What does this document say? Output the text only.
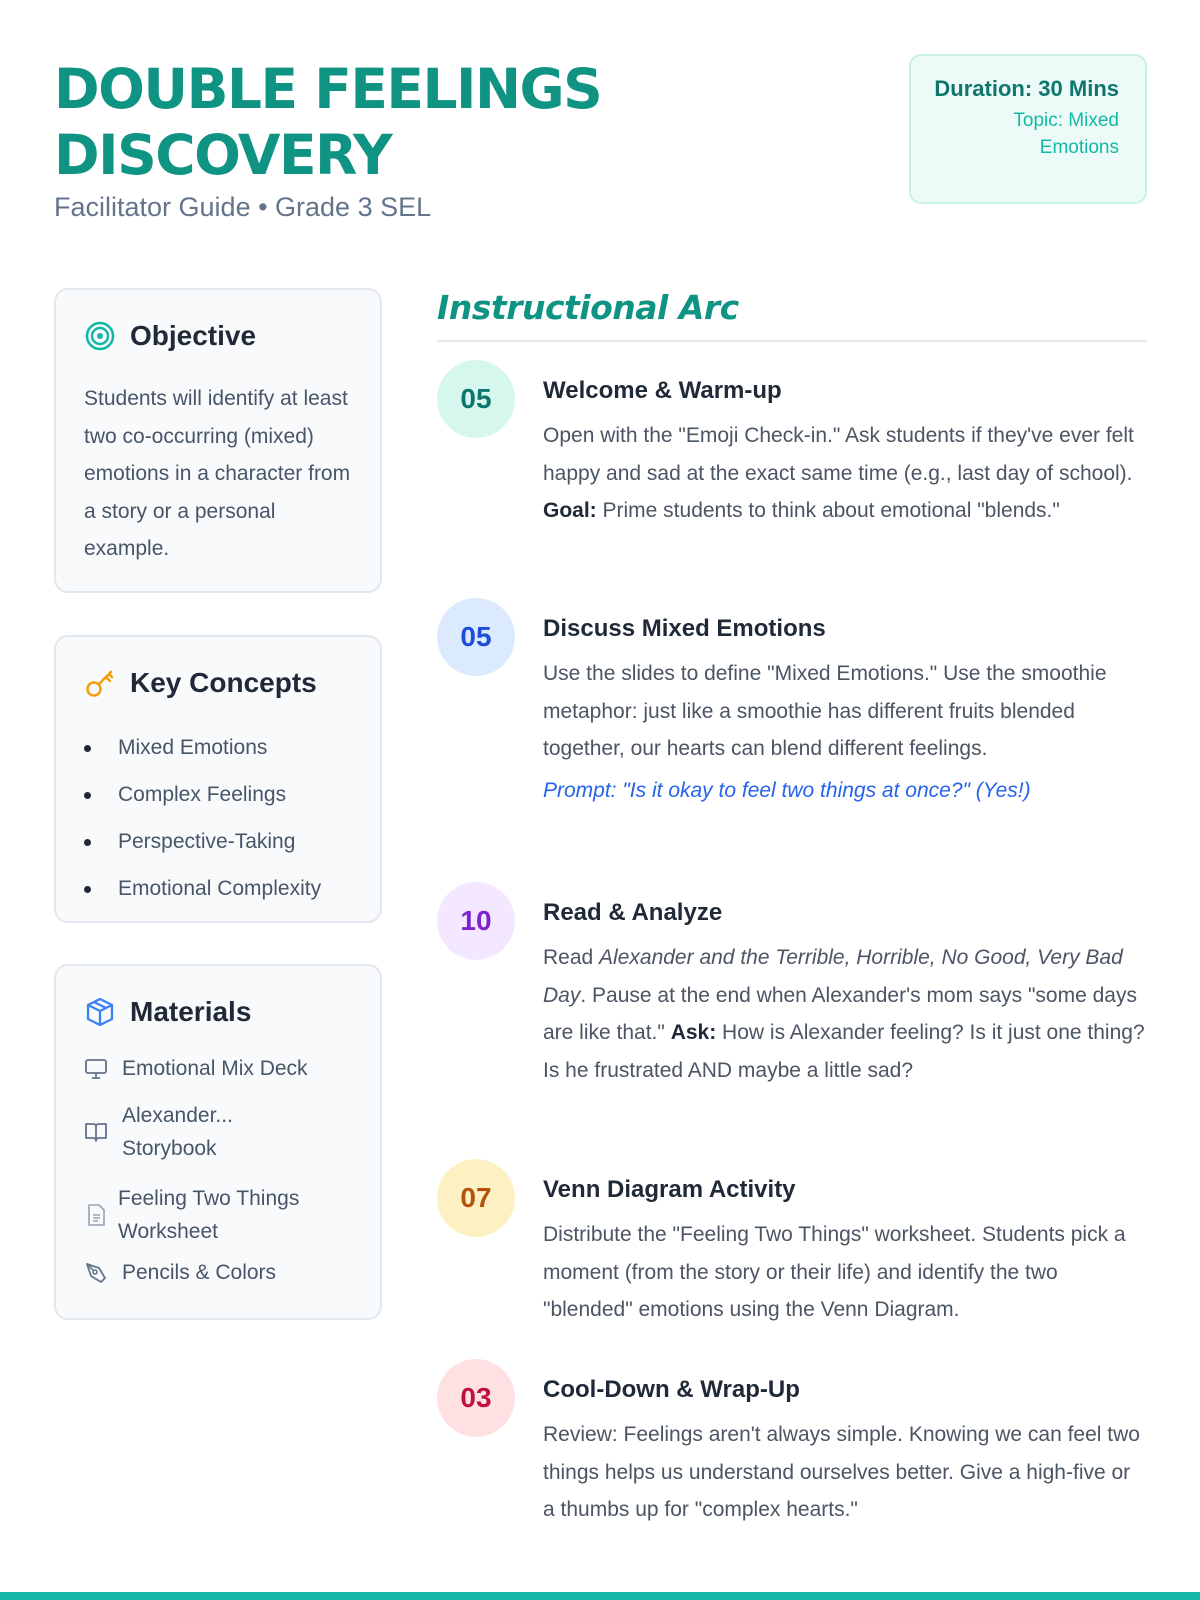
DOUBLE FEELINGS DISCOVERY
Facilitator Guide • Grade 3 SEL
Duration: 30 Mins
Topic: Mixed Emotions
Objective
Students will identify at least two co-occurring (mixed) emotions in a character from a story or a personal example.
Key Concepts
Mixed Emotions
Complex Feelings
Perspective-Taking
Emotional Complexity
Materials
Emotional Mix Deck
Alexander...
Storybook
Feeling Two Things
Worksheet
Pencils & Colors
Instructional Arc
05	Welcome & Warm-up
Open with the "Emoji Check-in." Ask students if they've ever felt happy and sad at the exact same time (e.g., last day of school). Goal: Prime students to think about emotional "blends."
05	Discuss Mixed Emotions
Use the slides to define "Mixed Emotions." Use the smoothie metaphor: just like a smoothie has different fruits blended together, our hearts can blend different feelings.
Prompt: "Is it okay to feel two things at once?" (Yes!)
10	Read & Analyze
Read Alexander and the Terrible, Horrible, No Good, Very Bad Day. Pause at the end when Alexander's mom says "some days are like that." Ask: How is Alexander feeling? Is it just one thing? Is he frustrated AND maybe a little sad?
07	Venn Diagram Activity
Distribute the "Feeling Two Things" worksheet. Students pick a moment (from the story or their life) and identify the two "blended" emotions using the Venn Diagram.
03	Cool-Down & Wrap-Up
Review: Feelings aren't always simple. Knowing we can feel two things helps us understand ourselves better. Give a high-five or a thumbs up for "complex hearts."
